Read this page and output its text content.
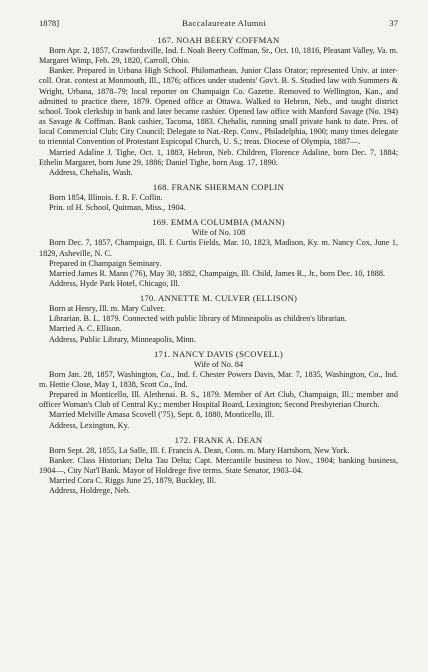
1878]	Baccalaureate Alumni	37

167. NOAH BEERY COFFMAN

Born Apr. 2, 1857, Crawfordsville, Ind. f. Noah Beery Coffman, Sr., Oct. 10, 1816, Pleasant Valley, Va. m. Margaret Wimp, Feb. 29, 1820, Carroll, Ohio.

Banker. Prepared in Urbana High School. Philomathean. Junior Class Orator; represented Univ. at inter-coll. Orat. contest at Monmouth, Ill., 1876; offices under students' Gov't. B. S. Studied law with Summers & Wright, Urbana, 1878–79; local reporter on Champaign Co. Gazette. Removed to Wellington, Kan., and admitted to practice there, 1879. Opened office at Ottawa. Walked to Hebron, Neb., and taught district school. Took clerkship in bank and later became cashier. Opened law office with Manford Savage (No. 194) as Savage & Coffman. Bank cashier, Tacoma, 1883. Chehalis, running small private bank to date. Pres. of local Commercial Club; City Council; Delegate to Nat.-Rep. Conv., Philadelphia, 1900; many times delegate to triennial Convention of Protestant Espicopal Church, U. S.; treas. Diocese of Olympia, 1887—.

Married Adaline J. Tighe, Oct. 1, 1883, Hebron, Neb. Children, Florence Adaline, born Dec. 7, 1884; Ethelin Margaret, born June 29, 1886; Daniel Tighe, born Aug. 17, 1890.

Address, Chehalis, Wash.

168. FRANK SHERMAN COPLIN

Born 1854, Illinois. f. R. F. Coflin.

Prin. of H. School, Quitman, Miss., 1904.

169. EMMA COLUMBIA (MANN)

Wife of No. 108

Born Dec. 7, 1857, Champaign, Ill. f. Curtis Fields, Mar. 10, 1823, Madison, Ky. m. Nancy Cox, June 1, 1829, Asheville, N. C.

Prepared in Champaign Seminary.

Married James R. Mann ('76), May 30, 1882, Champaign, Ill. Child, James R., Jr., born Dec. 10, 1888.

Address, Hyde Park Hotel, Chicago, Ill.

170. ANNETTE M. CULVER (ELLISON)

Born at Henry, Ill. m. Mary Culver.

Librarian. B. L. 1879. Connected with public library of Minneapolis as children's librarian.

Married A. C. Ellison.

Address, Public Library, Minneapolis, Minn.

171. NANCY DAVIS (SCOVELL)

Wife of No. 84

Born Jan. 28, 1857, Washington, Co., Ind. f. Chester Powers Davis, Mar. 7, 1835, Washington, Co., Ind. m. Hettie Close, May 1, 1838, Scott Co., Ind.

Prepared in Monticello, Ill. Alethenai. B. S., 1879. Member of Art Club, Champaign, Ill.; member and officer Woman's Club of Central Ky.; member Hospital Board, Lexington; Second Presbyterian Church.

Married Melville Amasa Scovell ('75), Sept. 8, 1880, Monticello, Ill.

Address, Lexington, Ky.

172. FRANK A. DEAN

Born Sept. 28, 1855, La Salle, Ill. f. Francis A. Dean, Conn. m. Mary Hartshorn, New York.

Banker. Class Historian; Delta Tau Delta; Capt. Mercantile business to Nov., 1904; banking business, 1904—, City Nat'l Bank. Mayor of Holdrege five terms. State Senator, 1903–04.

Married Cora C. Riggs June 25, 1879, Buckley, Ill.

Address, Holdrege, Neb.
